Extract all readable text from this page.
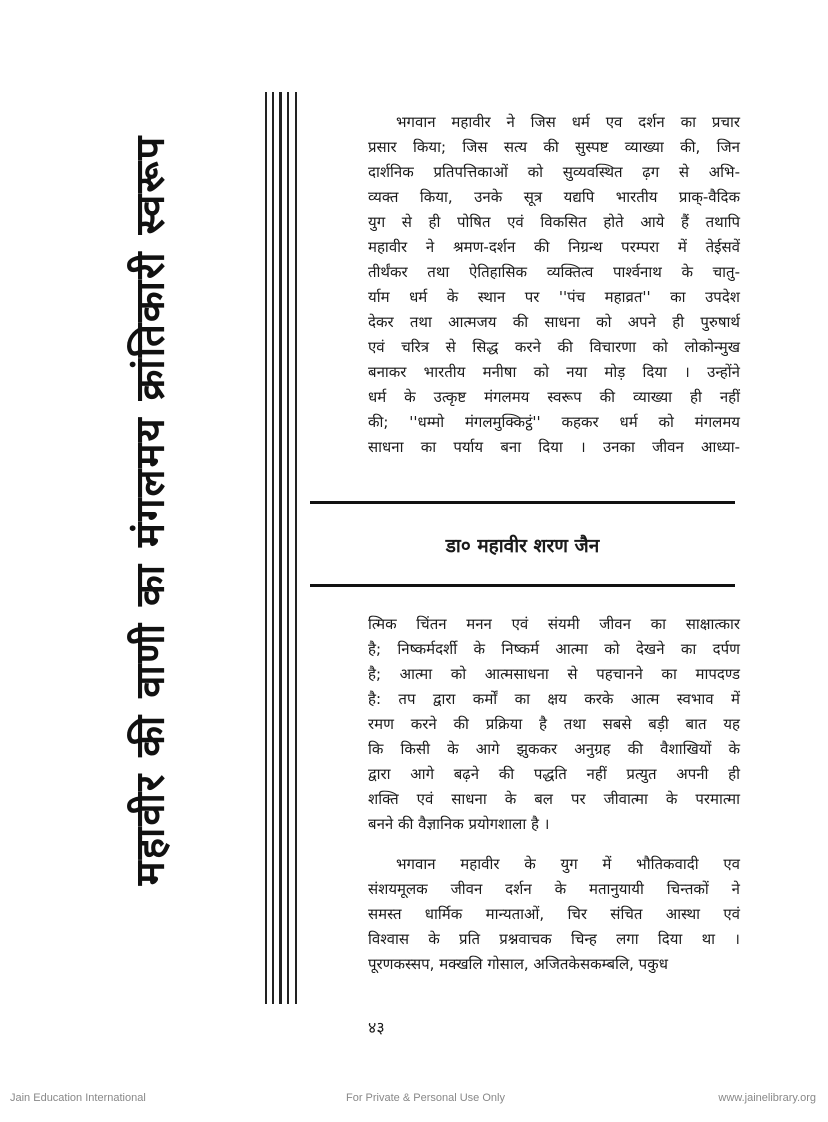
महावीर की वाणी का मंगलमय क्रांतिकारी स्वरूप
भगवान महावीर ने जिस धर्म एव दर्शन का प्रचार
प्रसार किया; जिस सत्य की सुस्पष्ट व्याख्या की, जिन
दार्शनिक प्रतिपत्तिकाओं को सुव्यवस्थित ढ़ग से अभि-
व्यक्त किया, उनके सूत्र यद्यपि भारतीय प्राक्-वैदिक
युग से ही पोषित एवं विकसित होते आये हैं तथापि
महावीर ने श्रमण-दर्शन की निग्रन्थ परम्परा में तेईसवें
तीर्थंकर तथा ऐतिहासिक व्यक्तित्व पार्श्वनाथ के चातु-
र्याम धर्म के स्थान पर ''पंच महाव्रत'' का उपदेश
देकर तथा आत्मजय की साधना को अपने ही पुरुषार्थ
एवं चरित्र से सिद्ध करने की विचारणा को लोकोन्मुख
बनाकर भारतीय मनीषा को नया मोड़ दिया । उन्होंने
धर्म के उत्कृष्ट मंगलमय स्वरूप की व्याख्या ही नहीं
की; ''धम्मो मंगलमुक्किट्ठं'' कहकर धर्म को मंगलमय
साधना का पर्याय बना दिया । उनका जीवन आध्या-
डा० महावीर शरण जैन
त्मिक चिंतन मनन एवं संयमी जीवन का साक्षात्कार
है; निष्कर्मदर्शी के निष्कर्म आत्मा को देखने का दर्पण
है; आत्मा को आत्मसाधना से पहचानने का मापदण्ड
है: तप द्वारा कर्मों का क्षय करके आत्म स्वभाव में
रमण करने की प्रक्रिया है तथा सबसे बड़ी बात यह
कि किसी के आगे झुककर अनुग्रह की वैशाखियों के
द्वारा आगे बढ़ने की पद्धति नहीं प्रत्युत अपनी ही
शक्ति एवं साधना के बल पर जीवात्मा के परमात्मा
बनने की वैज्ञानिक प्रयोगशाला है ।
भगवान महावीर के युग में भौतिकवादी एव
संशयमूलक जीवन दर्शन के मतानुयायी चिन्तकों ने
समस्त धार्मिक मान्यताओं, चिर संचित आस्था एवं
विश्वास के प्रति प्रश्नवाचक चिन्ह लगा दिया था ।
पूरणकस्सप, मक्खलि गोसाल, अजितकेसकम्बलि, पकुध
४३
Jain Education International	For Private & Personal Use Only	www.jainelibrary.org
